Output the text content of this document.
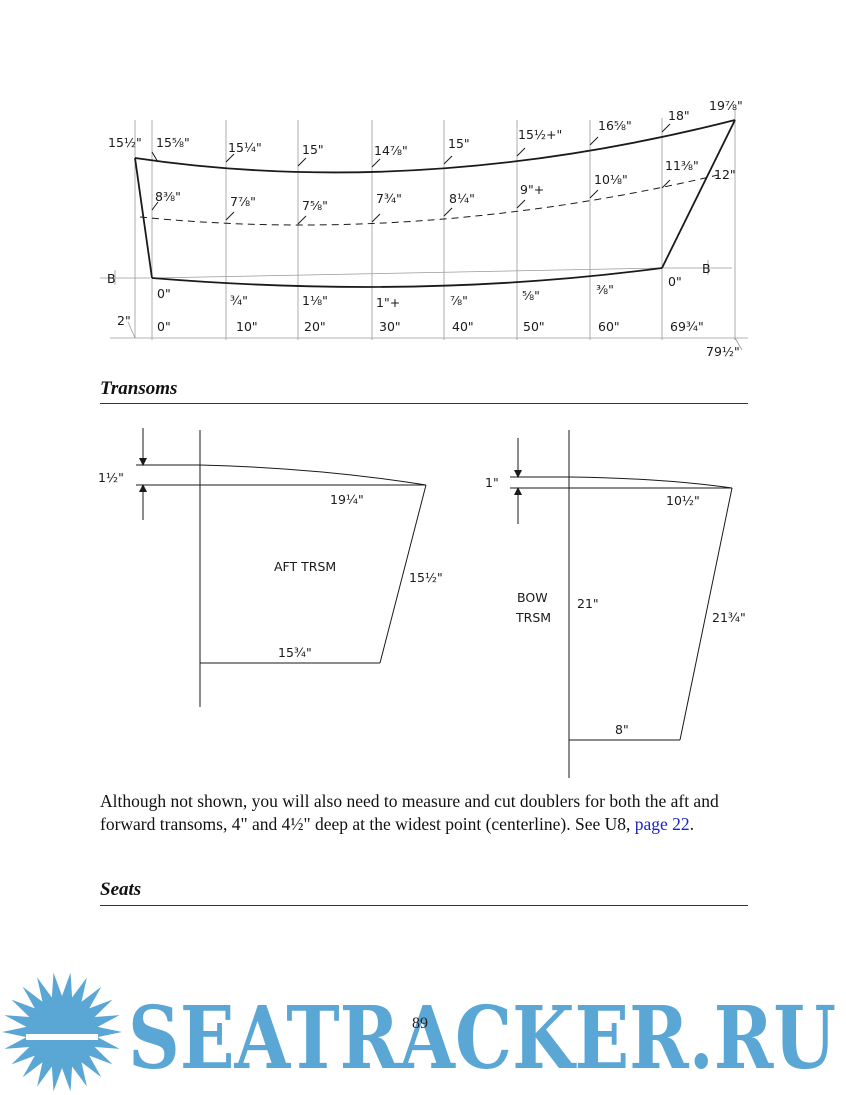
15½" 15⅝"	15¼"	15"	14⅞"	15"
15½+"
16⅝"
18"
19⅞"
8⅜"	7⅞"	7⅝"	7¾"	8¼"
9"+
10⅛"
11⅜"
12"
B
B
0"	¾"	1⅛"	1"+	⅞"	⅝"	⅜"
0"
2" 0"	10"	20"	30"	40"	50"	60"	69¾"
79½"
Transoms
1½"
19¼"
AFT TRSM
15½"
15¾"
1"
10½"
BOW
TRSM
21"
21¾"
8"
Although not shown, you will also need to measure and cut doublers for both the aft and forward transoms, 4" and 4½" deep at the widest point (centerline). See U8, page 22.
Seats
SEATRACKER.RU
89
